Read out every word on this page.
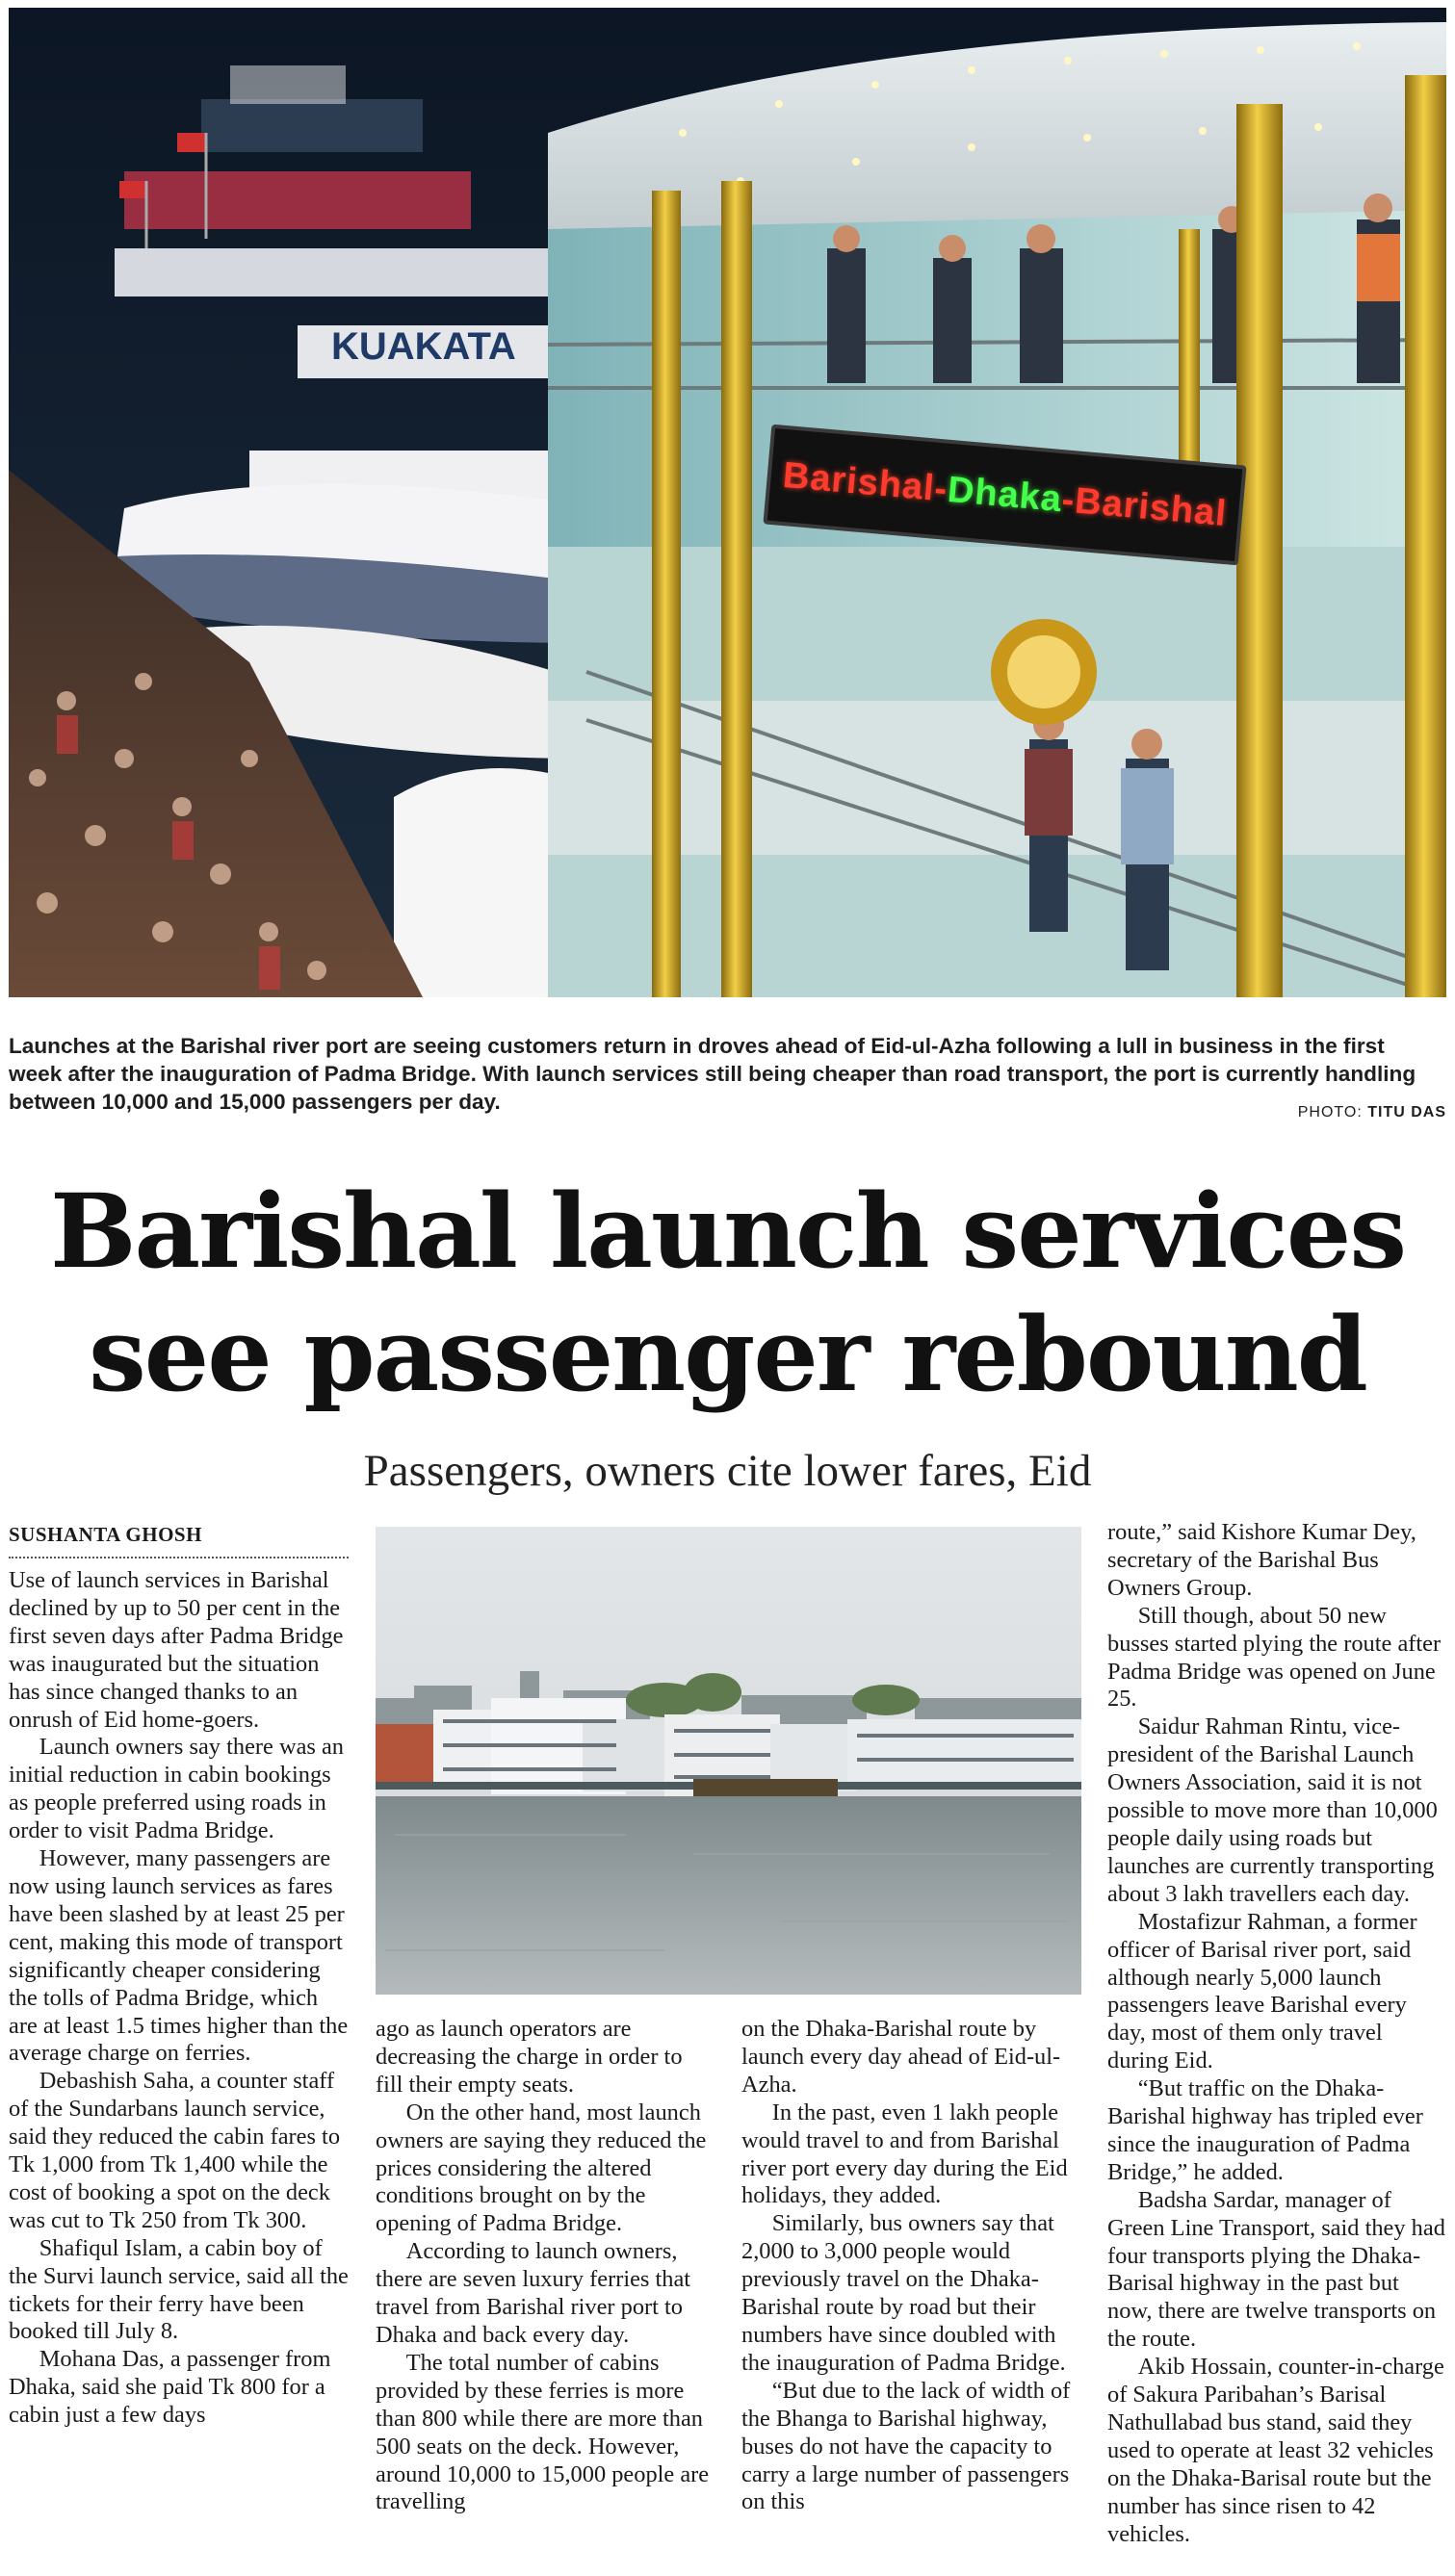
KUAKATA
Barishal-
Dhaka
-Barishal
Launches at the Barishal river port are seeing customers return in droves ahead of Eid-ul-Azha following a lull in business in the first week after the inauguration of Padma Bridge. With launch services still being cheaper than road transport, the port is currently handling between 10,000 and 15,000 passengers per day.	PHOTO: TITU DAS
Barishal launch services
see passenger rebound
Passengers, owners cite lower fares, Eid
SUSHANTA GHOSH

Use of launch services in Barishal declined by up to 50 per cent in the first seven days after Padma Bridge was inaugurated but the situation has since changed thanks to an onrush of Eid home-goers.

Launch owners say there was an initial reduction in cabin bookings as people preferred using roads in order to visit Padma Bridge.

However, many passengers are now using launch services as fares have been slashed by at least 25 per cent, making this mode of transport significantly cheaper considering the tolls of Padma Bridge, which are at least 1.5 times higher than the average charge on ferries.

Debashish Saha, a counter staff of the Sundarbans launch service, said they reduced the cabin fares to Tk 1,000 from Tk 1,400 while the cost of booking a spot on the deck was cut to Tk 250 from Tk 300.

Shafiqul Islam, a cabin boy of the Survi launch service, said all the tickets for their ferry have been booked till July 8.

Mohana Das, a passenger from Dhaka, said she paid Tk 800 for a cabin just a few days

ago as launch operators are decreasing the charge in order to fill their empty seats.

On the other hand, most launch owners are saying they reduced the prices considering the altered conditions brought on by the opening of Padma Bridge.

According to launch owners, there are seven luxury ferries that travel from Barishal river port to Dhaka and back every day.

The total number of cabins provided by these ferries is more than 800 while there are more than 500 seats on the deck. However, around 10,000 to 15,000 people are travelling

on the Dhaka-Barishal route by launch every day ahead of Eid-ul-Azha.

In the past, even 1 lakh people would travel to and from Barishal river port every day during the Eid holidays, they added.

Similarly, bus owners say that 2,000 to 3,000 people would previously travel on the Dhaka-Barishal route by road but their numbers have since doubled with the inauguration of Padma Bridge.

“But due to the lack of width of the Bhanga to Barishal highway, buses do not have the capacity to carry a large number of passengers on this

route,” said Kishore Kumar Dey, secretary of the Barishal Bus Owners Group.

Still though, about 50 new busses started plying the route after Padma Bridge was opened on June 25.

Saidur Rahman Rintu, vice-president of the Barishal Launch Owners Association, said it is not possible to move more than 10,000 people daily using roads but launches are currently transporting about 3 lakh travellers each day.

Mostafizur Rahman, a former officer of Barisal river port, said although nearly 5,000 launch passengers leave Barishal every day, most of them only travel during Eid.

“But traffic on the Dhaka-Barishal highway has tripled ever since the inauguration of Padma Bridge,” he added.

Badsha Sardar, manager of Green Line Transport, said they had four transports plying the Dhaka-Barisal highway in the past but now, there are twelve transports on the route.

Akib Hossain, counter-in-charge of Sakura Paribahan’s Barisal Nathullabad bus stand, said they used to operate at least 32 vehicles on the Dhaka-Barisal route but the number has since risen to 42 vehicles.
